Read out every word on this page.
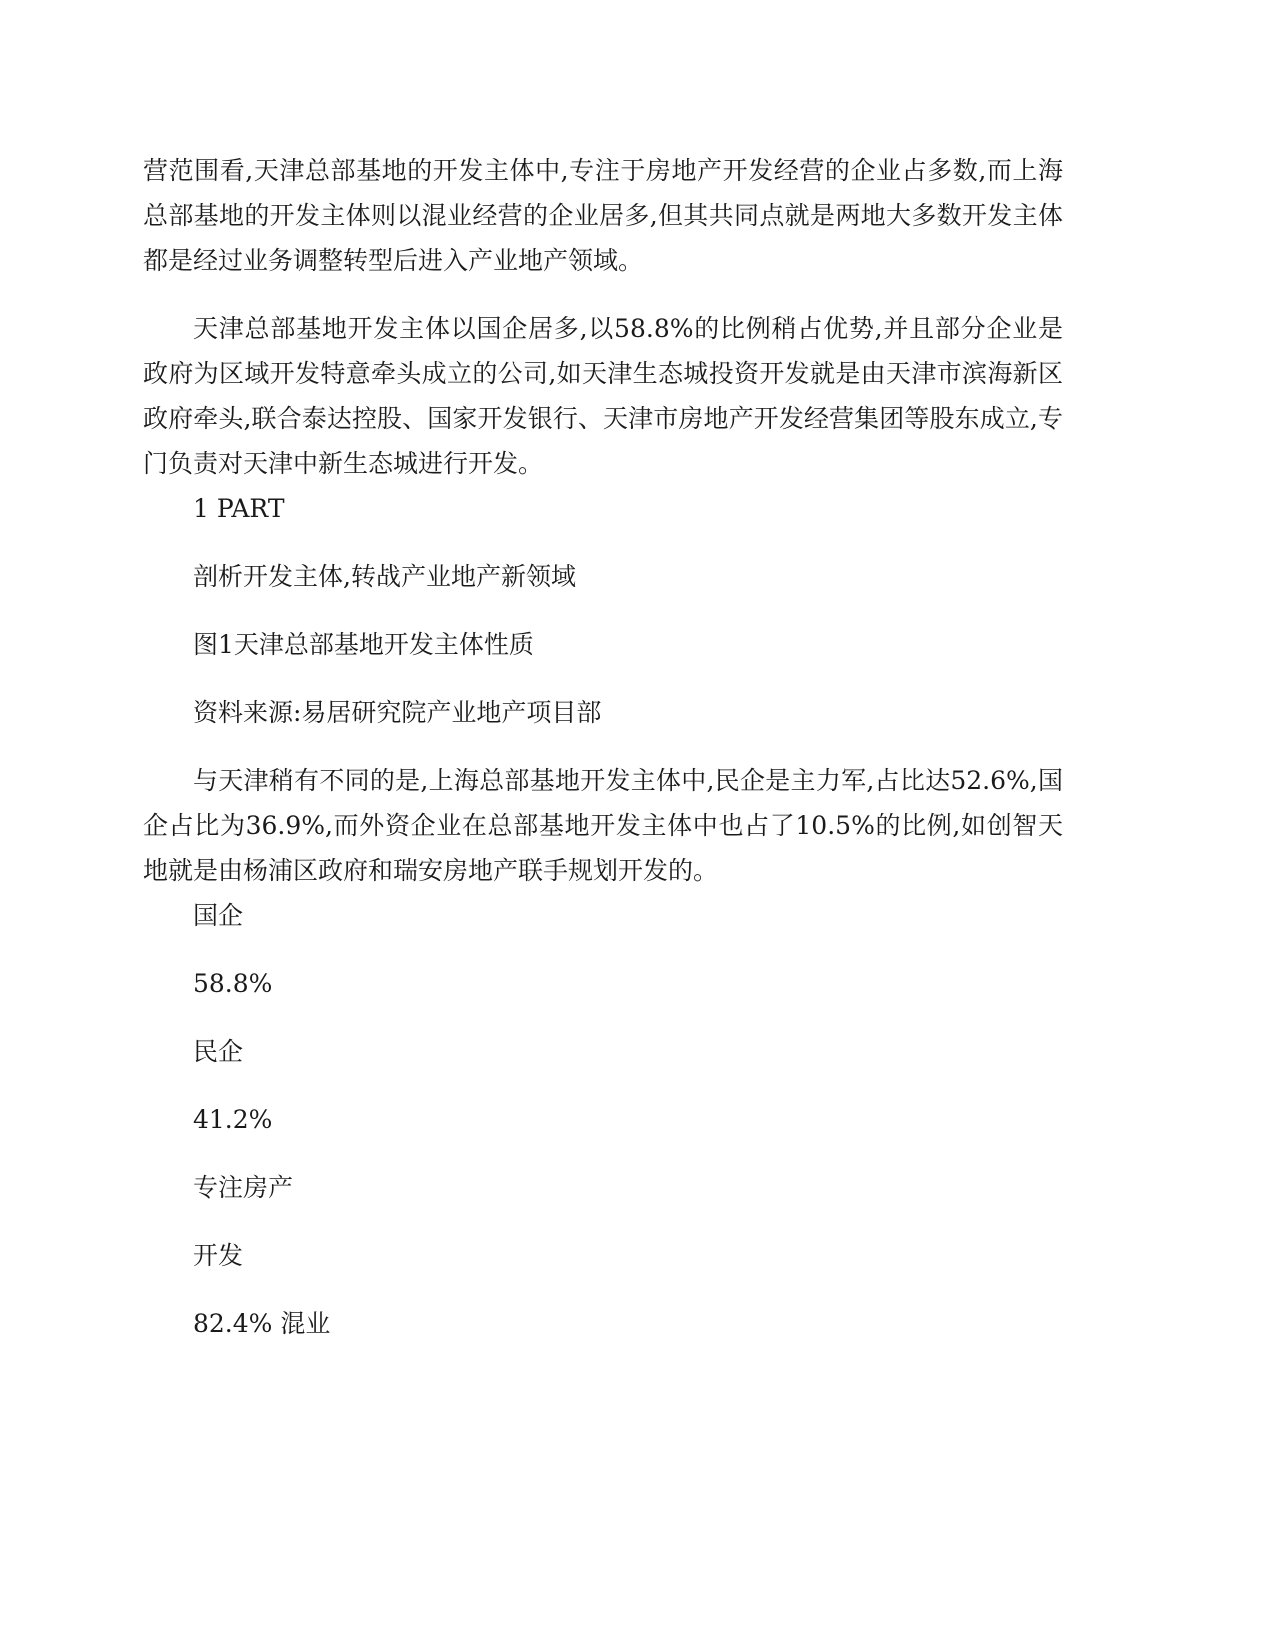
营范围看,天津总部基地的开发主体中,专注于房地产开发经营的企业占多数,而上海总部基地的开发主体则以混业经营的企业居多,但其共同点就是两地大多数开发主体都是经过业务调整转型后进入产业地产领域。

天津总部基地开发主体以国企居多,以58.8%的比例稍占优势,并且部分企业是政府为区域开发特意牵头成立的公司,如天津生态城投资开发就是由天津市滨海新区政府牵头,联合泰达控股、国家开发银行、天津市房地产开发经营集团等股东成立,专门负责对天津中新生态城进行开发。

1 PART

剖析开发主体,转战产业地产新领域

图1天津总部基地开发主体性质

资料来源:易居研究院产业地产项目部

与天津稍有不同的是,上海总部基地开发主体中,民企是主力军,占比达52.6%,国企占比为36.9%,而外资企业在总部基地开发主体中也占了10.5%的比例,如创智天地就是由杨浦区政府和瑞安房地产联手规划开发的。

国企

58.8%

民企

41.2%

专注房产

开发

82.4% 混业
